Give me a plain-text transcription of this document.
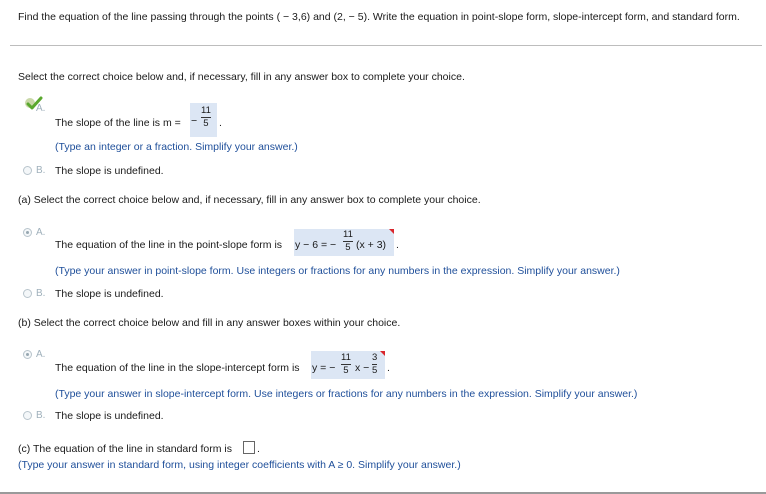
Find the equation of the line passing through the points ( − 3,6) and (2, − 5). Write the equation in point-slope form, slope-intercept form, and standard form.
Select the correct choice below and, if necessary, fill in any answer box to complete your choice.
A.
The slope of the line is m = −
11
5 .
(Type an integer or a fraction. Simplify your answer.)
B. The slope is undefined.
(a) Select the correct choice below and, if necessary, fill in any answer box to complete your choice.
A.
The equation of the line in the point-slope form is y − 6 = −
11
5 (x + 3) .
(Type your answer in point-slope form. Use integers or fractions for any numbers in the expression. Simplify your answer.)
B. The slope is undefined.
(b) Select the correct choice below and fill in any answer boxes within your choice.
A.
The equation of the line in the slope-intercept form is y = −
11
5 x −
3
5 .
(Type your answer in slope-intercept form. Use integers or fractions for any numbers in the expression. Simplify your answer.)
B. The slope is undefined.
(c) The equation of the line in standard form is .
(Type your answer in standard form, using integer coefficients with A ≥ 0. Simplify your answer.)
